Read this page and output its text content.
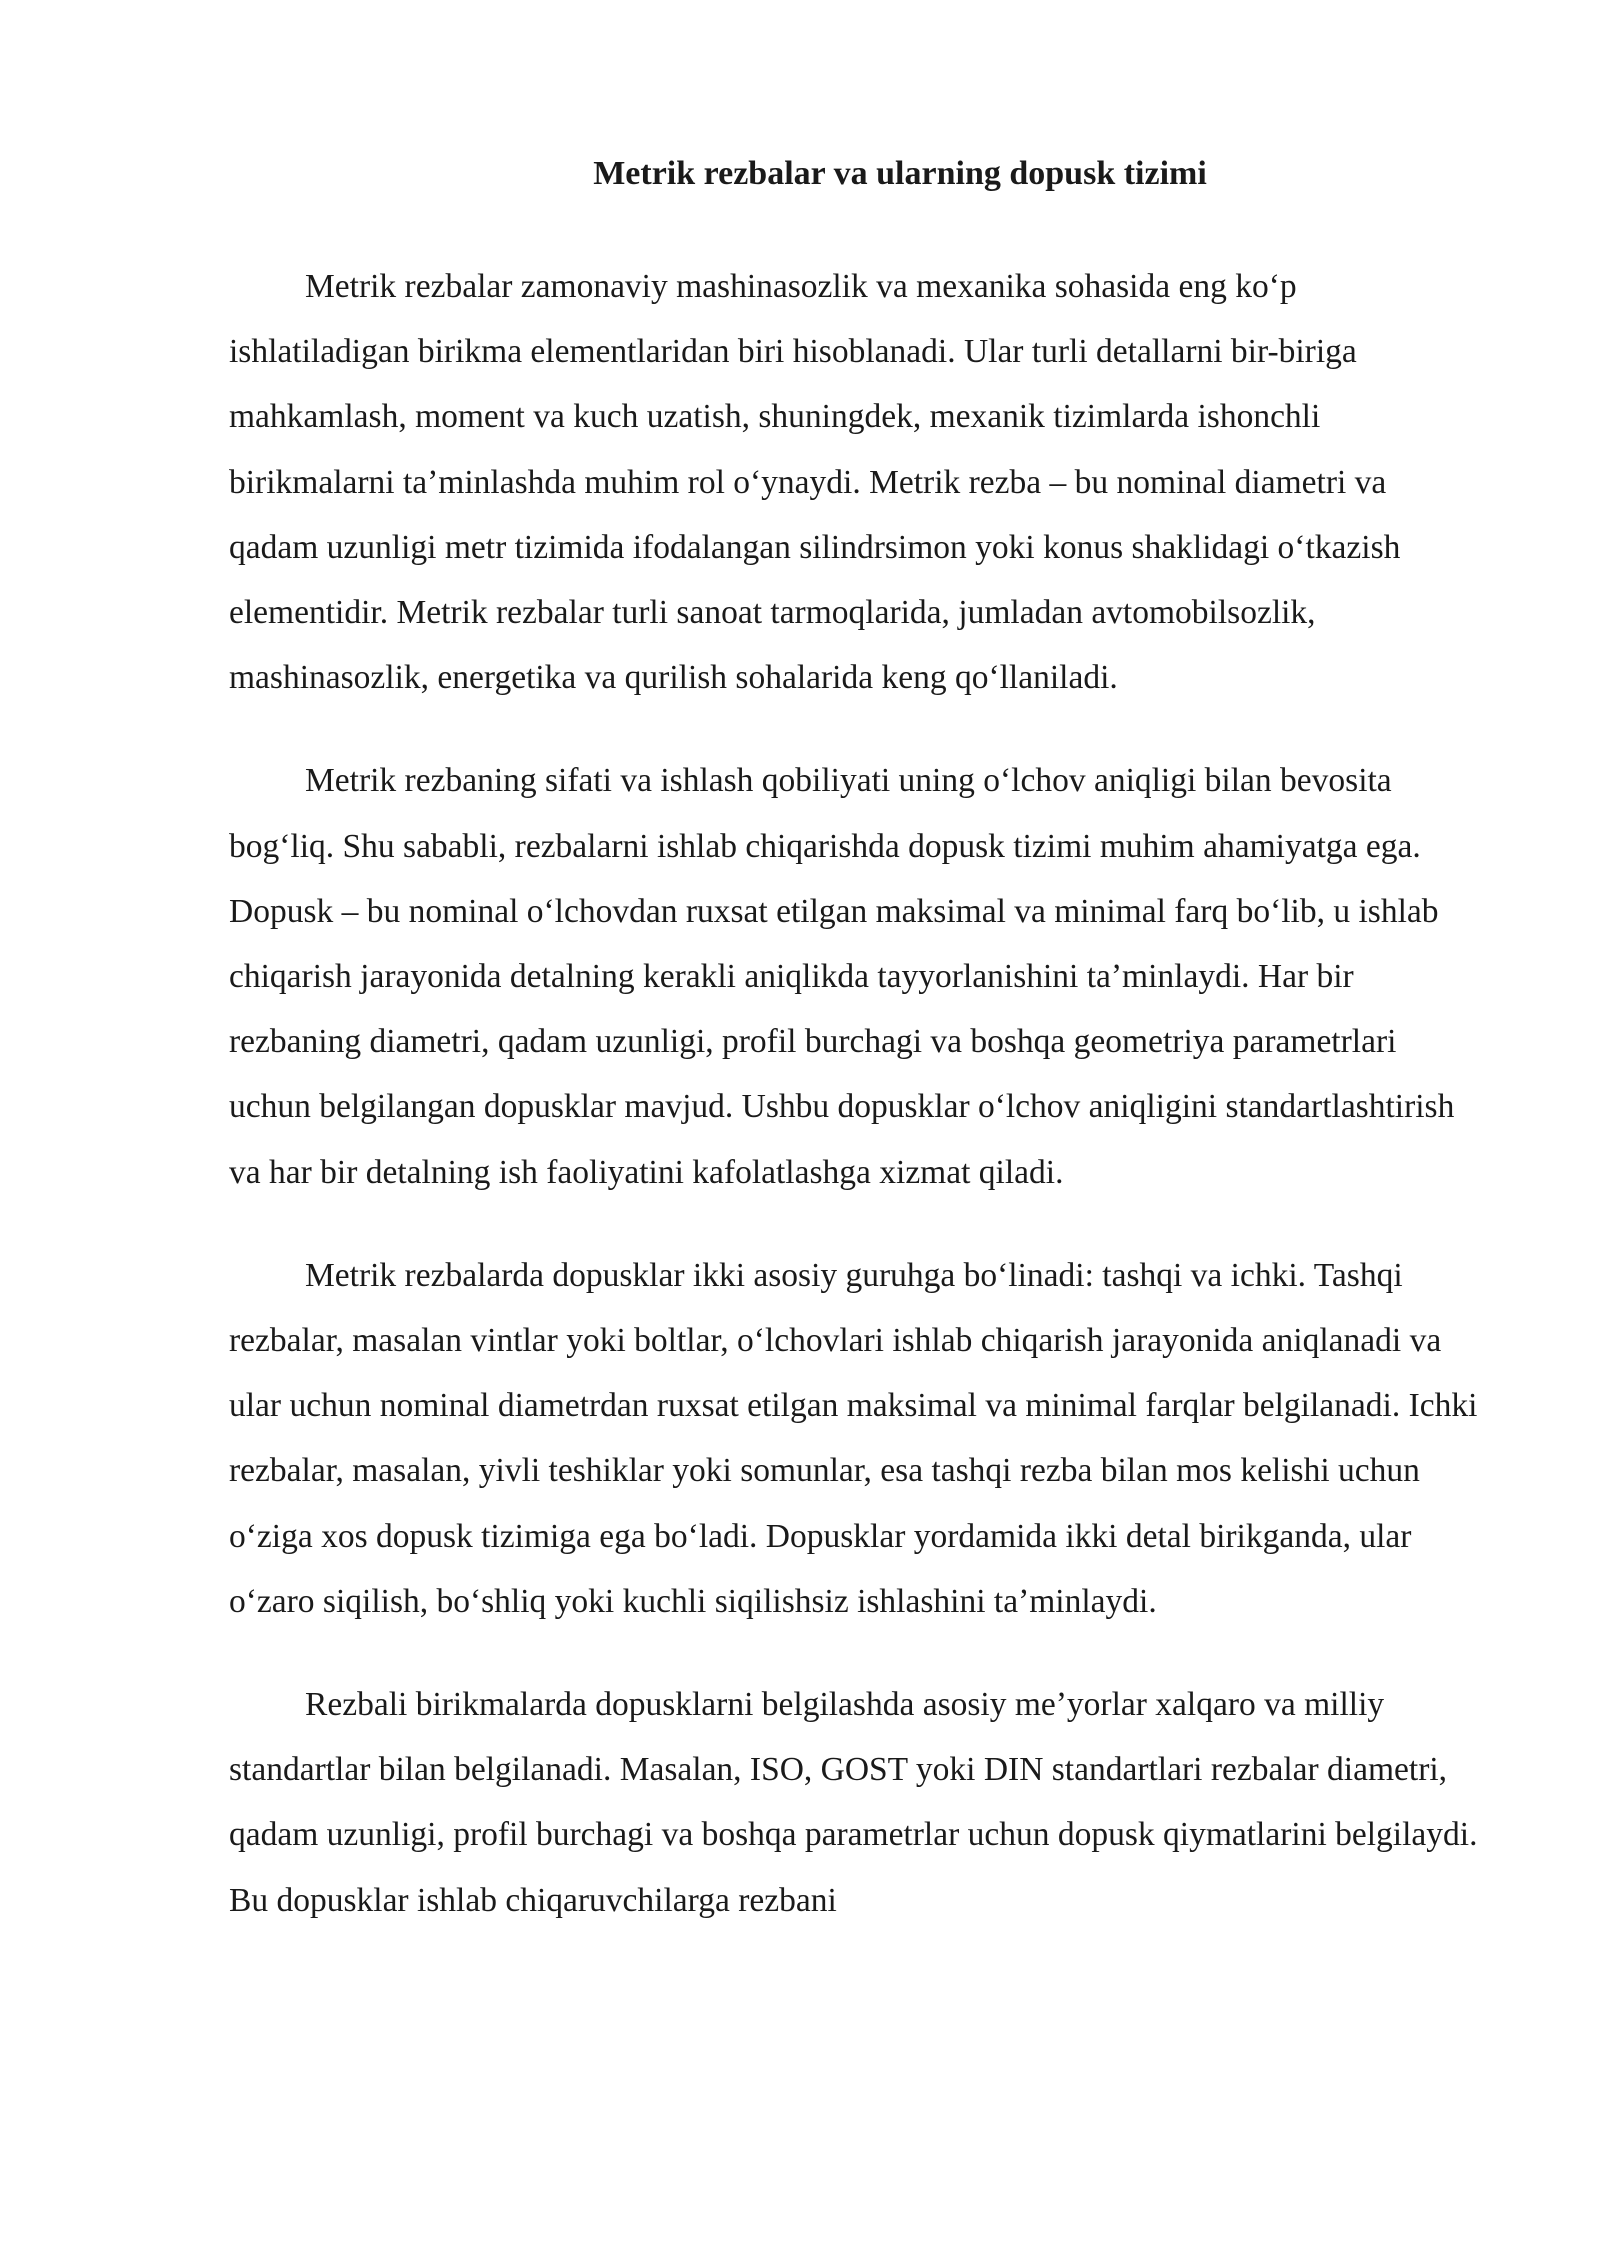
Metrik rezbalar va ularning dopusk tizimi

Metrik rezbalar zamonaviy mashinasozlik va mexanika sohasida eng koʻp ishlatiladigan birikma elementlaridan biri hisoblanadi. Ular turli detallarni bir-biriga mahkamlash, moment va kuch uzatish, shuningdek, mexanik tizimlarda ishonchli birikmalarni taʼminlashda muhim rol oʻynaydi. Metrik rezba – bu nominal diametri va qadam uzunligi metr tizimida ifodalangan silindrsimon yoki konus shaklidagi oʻtkazish elementidir. Metrik rezbalar turli sanoat tarmoqlarida, jumladan avtomobilsozlik, mashinasozlik, energetika va qurilish sohalarida keng qoʻllaniladi.

Metrik rezbaning sifati va ishlash qobiliyati uning oʻlchov aniqligi bilan bevosita bogʻliq. Shu sababli, rezbalarni ishlab chiqarishda dopusk tizimi muhim ahamiyatga ega. Dopusk – bu nominal oʻlchovdan ruxsat etilgan maksimal va minimal farq boʻlib, u ishlab chiqarish jarayonida detalning kerakli aniqlikda tayyorlanishini taʼminlaydi. Har bir rezbaning diametri, qadam uzunligi, profil burchagi va boshqa geometriya parametrlari uchun belgilangan dopusklar mavjud. Ushbu dopusklar oʻlchov aniqligini standartlashtirish va har bir detalning ish faoliyatini kafolatlashga xizmat qiladi.

Metrik rezbalarda dopusklar ikki asosiy guruhga boʻlinadi: tashqi va ichki. Tashqi rezbalar, masalan vintlar yoki boltlar, oʻlchovlari ishlab chiqarish jarayonida aniqlanadi va ular uchun nominal diametrdan ruxsat etilgan maksimal va minimal farqlar belgilanadi. Ichki rezbalar, masalan, yivli teshiklar yoki somunlar, esa tashqi rezba bilan mos kelishi uchun oʻziga xos dopusk tizimiga ega boʻladi. Dopusklar yordamida ikki detal birikganda, ular oʻzaro siqilish, boʻshliq yoki kuchli siqilishsiz ishlashini taʼminlaydi.

Rezbali birikmalarda dopusklarni belgilashda asosiy meʼyorlar xalqaro va milliy standartlar bilan belgilanadi. Masalan, ISO, GOST yoki DIN standartlari rezbalar diametri, qadam uzunligi, profil burchagi va boshqa parametrlar uchun dopusk qiymatlarini belgilaydi. Bu dopusklar ishlab chiqaruvchilarga rezbani
